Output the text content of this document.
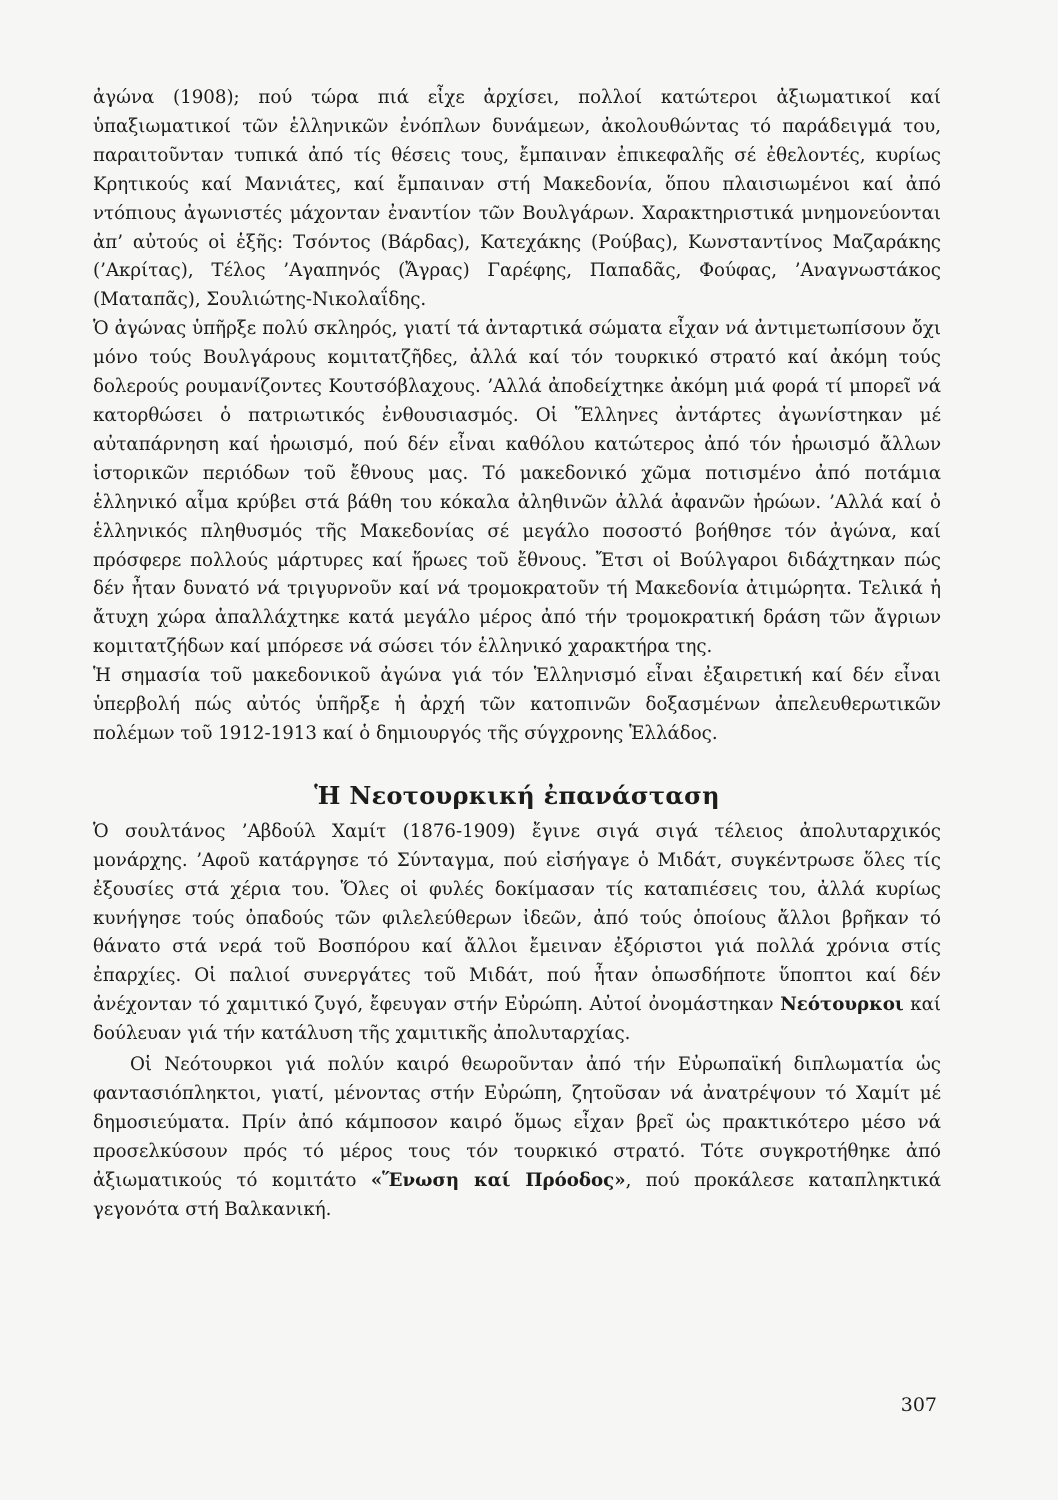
ἀγώνα (1908); πού τώρα πιά εἶχε ἀρχίσει, πολλοί κατώτεροι ἀξιωματικοί καί ὑπαξιωματικοί τῶν ἑλληνικῶν ἐνόπλων δυνάμεων, ἀκολουθώντας τό παράδειγμά του, παραιτοῦνταν τυπικά ἀπό τίς θέσεις τους, ἔμπαιναν ἐπικεφαλῆς σέ ἐθελοντές, κυρίως Κρητικούς καί Μανιάτες, καί ἔμπαιναν στή Μακεδονία, ὅπου πλαισιωμένοι καί ἀπό ντόπιους ἀγωνιστές μάχονταν ἐναντίον τῶν Βουλγάρων. Χαρακτηριστικά μνημονεύονται ἀπ’ αὐτούς οἱ ἑξῆς: Τσόντος (Βάρδας), Κατεχάκης (Ρούβας), Κωνσταντίνος Μαζαράκης (’Ακρίτας), Τέλος ’Αγαπηνός (Ἄγρας) Γαρέφης, Παπαδᾶς, Φούφας, ’Αναγνωστάκος (Ματαπᾶς), Σουλιώτης-Νικολαΐδης.

Ὁ ἀγώνας ὑπῆρξε πολύ σκληρός, γιατί τά ἀνταρτικά σώματα εἶχαν νά ἀντιμετωπίσουν ὄχι μόνο τούς Βουλγάρους κομιτατζῆδες, ἀλλά καί τόν τουρκικό στρατό καί ἀκόμη τούς δολερούς ρουμανίζοντες Κουτσόβλαχους. ’Αλλά ἀποδείχτηκε ἀκόμη μιά φορά τί μπορεῖ νά κατορθώσει ὁ πατριωτικός ἐνθουσιασμός. Οἱ Ἕλληνες ἀντάρτες ἀγωνίστηκαν μέ αὐταπάρνηση καί ἡρωισμό, πού δέν εἶναι καθόλου κατώτερος ἀπό τόν ἡρωισμό ἄλλων ἱστορικῶν περιόδων τοῦ ἔθνους μας. Τό μακεδονικό χῶμα ποτισμένο ἀπό ποτάμια ἑλληνικό αἷμα κρύβει στά βάθη του κόκαλα ἀληθινῶν ἀλλά ἀφανῶν ἡρώων. ’Αλλά καί ὁ ἑλληνικός πληθυσμός τῆς Μακεδονίας σέ μεγάλο ποσοστό βοήθησε τόν ἀγώνα, καί πρόσφερε πολλούς μάρτυρες καί ἥρωες τοῦ ἔθνους. Ἔτσι οἱ Βούλγαροι διδάχτηκαν πώς δέν ἦταν δυνατό νά τριγυρνοῦν καί νά τρομοκρατοῦν τή Μακεδονία ἀτιμώρητα. Τελικά ἡ ἄτυχη χώρα ἀπαλλάχτηκε κατά μεγάλο μέρος ἀπό τήν τρομοκρατική δράση τῶν ἄγριων κομιτατζήδων καί μπόρεσε νά σώσει τόν ἑλληνικό χαρακτήρα της.

Ἡ σημασία τοῦ μακεδονικοῦ ἀγώνα γιά τόν Ἑλληνισμό εἶναι ἐξαιρετική καί δέν εἶναι ὑπερβολή πώς αὐτός ὑπῆρξε ἡ ἀρχή τῶν κατοπινῶν δοξασμένων ἀπελευθερωτικῶν πολέμων τοῦ 1912-1913 καί ὁ δημιουργός τῆς σύγχρονης Ἑλλάδος.

Ἡ Νεοτουρκική ἐπανάσταση

Ὁ σουλτάνος ’Αβδούλ Χαμίτ (1876-1909) ἔγινε σιγά σιγά τέλειος ἀπολυταρχικός μονάρχης. ’Αφοῦ κατάργησε τό Σύνταγμα, πού εἰσήγαγε ὁ Μιδάτ, συγκέντρωσε ὅλες τίς ἐξουσίες στά χέρια του. Ὅλες οἱ φυλές δοκίμασαν τίς καταπιέσεις του, ἀλλά κυρίως κυνήγησε τούς ὀπαδούς τῶν φιλελεύθερων ἰδεῶν, ἀπό τούς ὁποίους ἄλλοι βρῆκαν τό θάνατο στά νερά τοῦ Βοσπόρου καί ἄλλοι ἔμειναν ἐξόριστοι γιά πολλά χρόνια στίς ἐπαρχίες. Οἱ παλιοί συνεργάτες τοῦ Μιδάτ, πού ἦταν ὁπωσδήποτε ὕποπτοι καί δέν ἀνέχονταν τό χαμιτικό ζυγό, ἔφευγαν στήν Εὐρώπη. Αὐτοί ὀνομάστηκαν Νεότουρκοι καί δούλευαν γιά τήν κατάλυση τῆς χαμιτικῆς ἀπολυταρχίας.

Οἱ Νεότουρκοι γιά πολύν καιρό θεωροῦνταν ἀπό τήν Εὐρωπαϊκή διπλωματία ὡς φαντασιόπληκτοι, γιατί, μένοντας στήν Εὐρώπη, ζητοῦσαν νά ἀνατρέψουν τό Χαμίτ μέ δημοσιεύματα. Πρίν ἀπό κάμποσον καιρό ὅμως εἶχαν βρεῖ ὡς πρακτικότερο μέσο νά προσελκύσουν πρός τό μέρος τους τόν τουρκικό στρατό. Τότε συγκροτήθηκε ἀπό ἀξιωματικούς τό κομιτάτο «Ἕνωση καί Πρόοδος», πού προκάλεσε καταπληκτικά γεγονότα στή Βαλκανική.

307
